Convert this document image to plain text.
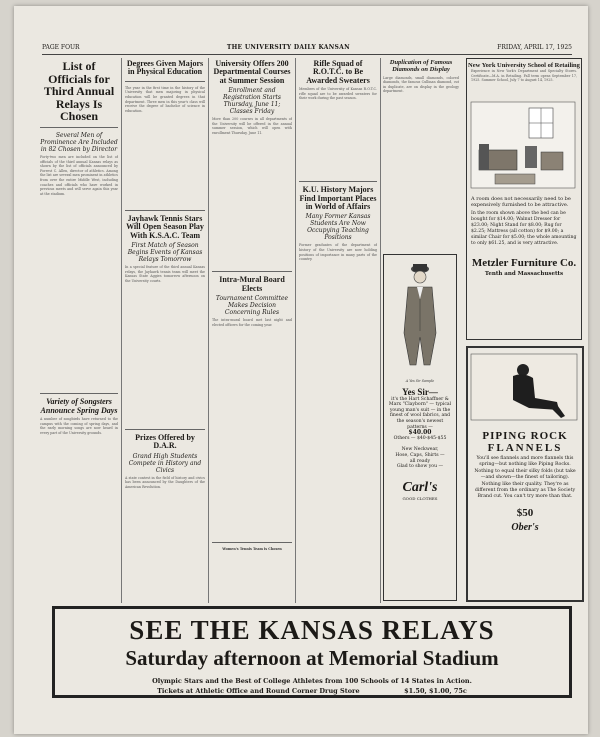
PAGE FOUR	THE UNIVERSITY DAILY KANSAN	FRIDAY, APRIL 17, 1925
List of Officials for Third Annual Relays Is Chosen
Several Men of Prominence Are Included in 82 Chosen by Director

Forty-two men are included on the list of officials of the third annual Kansas relays as shown by the list of officials announced by Forrest C. Allen, director of athletics. Among the list are several men prominent in athletics from over the entire Middle West, including coaches and officials who have worked in previous meets and will serve again this year at the stadium.

Variety of Songsters Announce Spring Days

A number of songbirds have returned to the campus with the coming of spring days, and the early morning songs are now heard in every part of the University grounds.

Degrees Given Majors in Physical Education

The year in the first time in the history of the University that men majoring in physical education will be granted degrees in that department. Three men in this year's class will receive the degree of bachelor of science in education.

Jayhawk Tennis Stars Will Open Season Play With K.S.A.C. Team
First Match of Season Begins Events of Kansas Relays Tomorrow

In a special feature of the third annual Kansas relays, the Jayhawk tennis team will meet the Kansas State Aggies tomorrow afternoon on the University courts.

Prizes Offered by D.A.R.
Grand High Students Compete in History and Civics

A state contest in the field of history and civics has been announced by the Daughters of the American Revolution.

University Offers 200 Departmental Courses at Summer Session
Enrollment and Registration Starts Thursday, June 11; Classes Friday

More than 200 courses in all departments of the University will be offered in the annual summer session, which will open with enrollment Thursday, June 11.

Intra-Mural Board Elects
Tournament Committee Makes Decision Concerning Rules

The intra-mural board met last night and elected officers for the coming year.

Women's Tennis Team is Chosen
Rifle Squad of R.O.T.C. to Be Awarded Sweaters

Members of the University of Kansas R.O.T.C. rifle squad are to be awarded sweaters for their work during the past season.

K.U. History Majors Find Important Places in World of Affairs
Many Former Kansas Students Are Now Occupying Teaching Positions

Former graduates of the department of history of the University are now holding positions of importance in many parts of the country.

Duplication of Famous Diamonds on Display

Large diamonds, small diamonds, colored diamonds, the famous Cullinan diamond, cut in duplicate, are on display in the geology department.

A Yes Sir Sample
Yes Sir—
it's the Hart Schaffner & Marx "Clayborn" — typical young man's suit — in the finest of wool fabrics, and the season's newest patterns —
$40.00
Others — $40-$45-$55
New Neckwear,
Hose, Caps, Shirts —
all ready
Glad to show you —
Carl's
GOOD CLOTHES
New York University School of Retailing

Experience in New York's Department and Specialty Stores. Certificate—M.A. in Retailing. Fall term opens September 17, 1925. Summer School, July 7 to August 14, 1925.

A room does not necessarily need to be expensively furnished to be attractive.
In the room shown above the bed can be bought for $14.00; Walnut Dresser for $23.00; Night Stand for $8.00; Rug for $2.25; Mattress (all cotton) for $9.00; a similar Chair for $5.00; the whole amounting to only $61.25, and is very attractive.
Metzler Furniture Co.
Tenth and Massachusetts
PIPING ROCK
FLANNELS
You'll see flannels and more flannels this spring—but nothing like Piping Rocks.
Nothing to equal their silky folds (but take—and shown—the finest of tailoring).
Nothing like their quality. They're as different from the ordinary as The Society Brand cut. You can't try more than that.
$50
Ober's
SEE THE KANSAS RELAYS
Saturday afternoon at Memorial Stadium
Olympic Stars and the Best of College Athletes from 100 Schools of 14 States in Action.
Tickets at Athletic Office and Round Corner Drug Store	$1.50, $1.00, 75c
